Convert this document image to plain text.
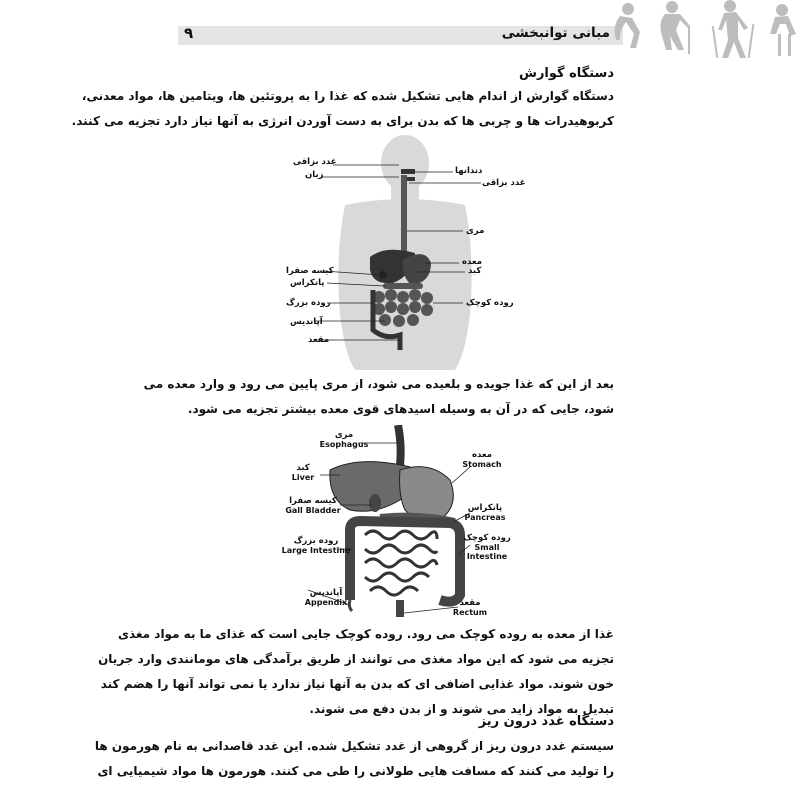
۹	مبانی توانبخشی
دستگاه گوارش
دستگاه گوارش از اندام هایی تشکیل شده که غذا را به پروتئین ها، ویتامین ها، مواد معدنی،
کربوهیدرات ها و چربی ها که بدن برای به دست آوردن انرژی به آنها نیاز دارد تجزیه می کنند.
غدد بزاقی
زبان
کیسه صفرا
پانکراس
روده بزرگ
آپاندیس
مقعد
دندانها
غدد بزاقی
مری
معده
کبد
روده کوچک
بعد از این که غذا جویده و بلعیده می شود، از مری پایین می رود و وارد معده می
شود، جایی که در آن به وسیله اسیدهای قوی معده بیشتر تجزیه می شود.
مری
Esophagus
کبد
Liver
کیسه صفرا
Gall Bladder
روده بزرگ
Large Intestine
آپاندیس
Appendix
معده
Stomach
پانکراس
Pancreas
روده کوچک
Small
Intestine
مقعد
Rectum
غذا از معده به روده کوچک می رود. روده کوچک جایی است که غذای ما به مواد مغذی
تجزیه می شود که این مواد مغذی می توانند از طریق برآمدگی های مومانندی وارد جریان
خون شوند. مواد غذایی اضافی ای که بدن به آنها نیاز ندارد یا نمی تواند آنها را هضم کند
تبدیل به مواد زاید می شوند و از بدن دفع می شوند.
دستگاه غدد درون ریز
سیستم غدد درون ریز از گروهی از غدد تشکیل شده. این غدد قاصدانی به نام هورمون ها
را تولید می کنند که مسافت هایی طولانی را طی می کنند. هورمون ها مواد شیمیایی ای
